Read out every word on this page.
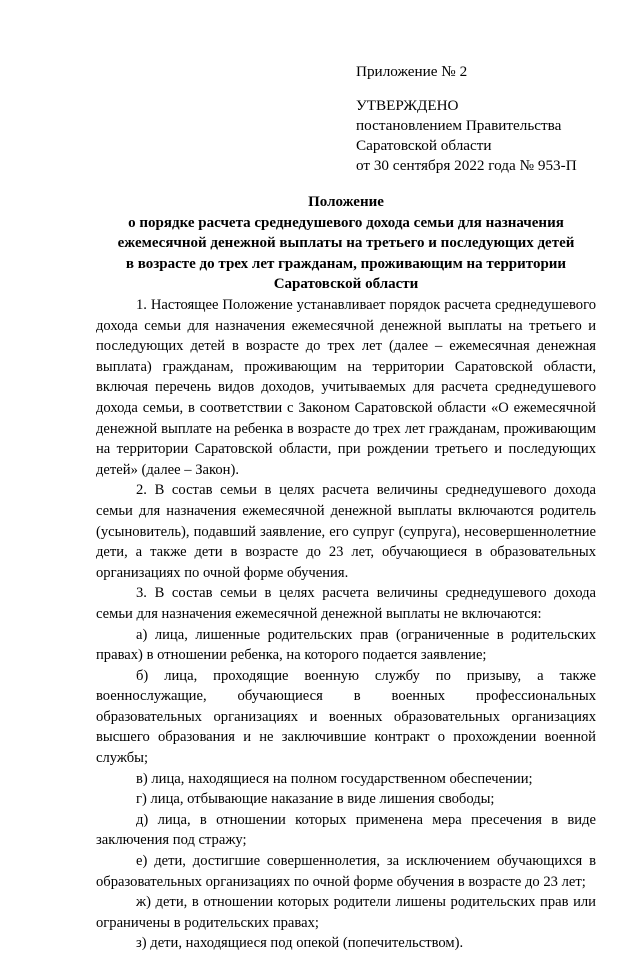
Приложение № 2
УТВЕРЖДЕНО
постановлением Правительства
Саратовской области
от 30 сентября 2022 года № 953-П
Положение
о порядке расчета среднедушевого дохода семьи для назначения
ежемесячной денежной выплаты на третьего и последующих детей
в возрасте до трех лет гражданам, проживающим на территории
Саратовской области

1. Настоящее Положение устанавливает порядок расчета среднедушевого дохода семьи для назначения ежемесячной денежной выплаты на третьего и последующих детей в возрасте до трех лет (далее – ежемесячная денежная выплата) гражданам, проживающим на территории Саратовской области, включая перечень видов доходов, учитываемых для расчета среднедушевого дохода семьи, в соответствии с Законом Саратовской области «О ежемесячной денежной выплате на ребенка в возрасте до трех лет гражданам, проживающим на территории Саратовской области, при рождении третьего и последующих детей» (далее – Закон).

2. В состав семьи в целях расчета величины среднедушевого дохода семьи для назначения ежемесячной денежной выплаты включаются родитель (усыновитель), подавший заявление, его супруг (супруга), несовершеннолетние дети, а также дети в возрасте до 23 лет, обучающиеся в образовательных организациях по очной форме обучения.

3. В состав семьи в целях расчета величины среднедушевого дохода семьи для назначения ежемесячной денежной выплаты не включаются:

а) лица, лишенные родительских прав (ограниченные в родительских правах) в отношении ребенка, на которого подается заявление;

б) лица, проходящие военную службу по призыву, а также военнослужащие, обучающиеся в военных профессиональных образовательных организациях и военных образовательных организациях высшего образования и не заключившие контракт о прохождении военной службы;

в) лица, находящиеся на полном государственном обеспечении;

г) лица, отбывающие наказание в виде лишения свободы;

д) лица, в отношении которых применена мера пресечения в виде заключения под стражу;

е) дети, достигшие совершеннолетия, за исключением обучающихся в образовательных организациях по очной форме обучения в возрасте до 23 лет;

ж) дети, в отношении которых родители лишены родительских прав или ограничены в родительских правах;

з) дети, находящиеся под опекой (попечительством).
